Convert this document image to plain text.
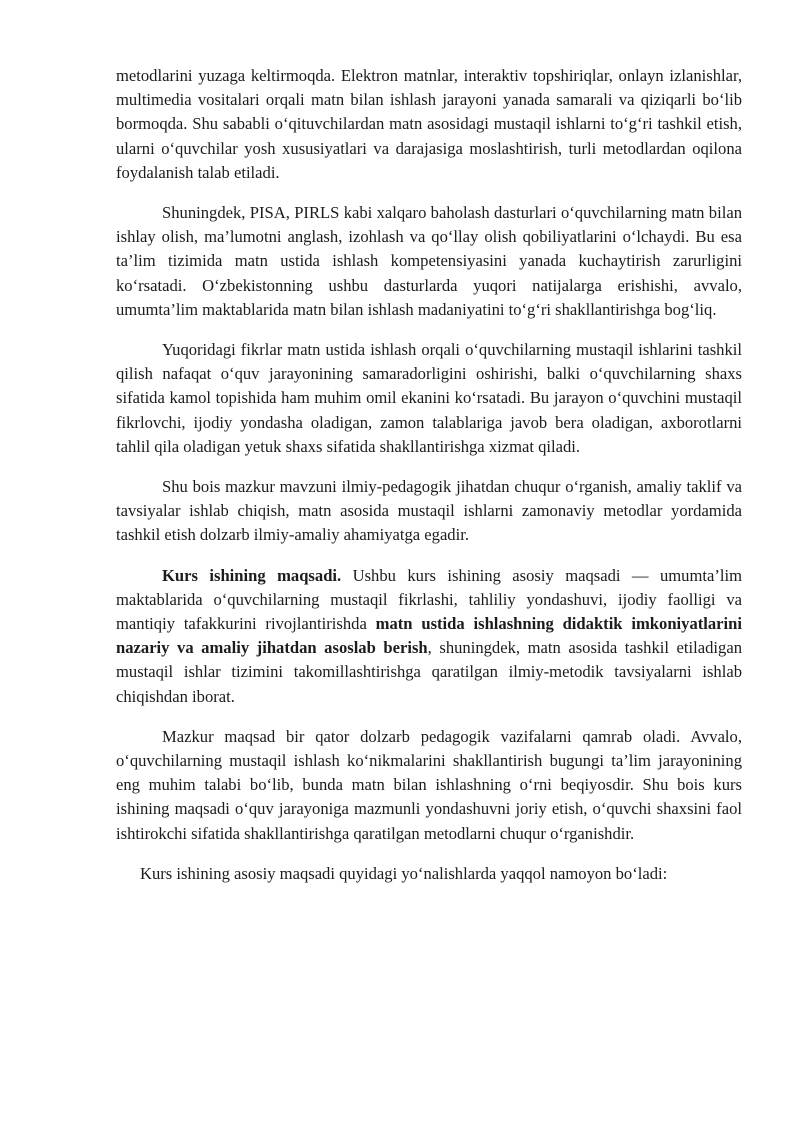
metodlarini yuzaga keltirmoqda. Elektron matnlar, interaktiv topshiriqlar, onlayn izlanishlar, multimedia vositalari orqali matn bilan ishlash jarayoni yanada samarali va qiziqarli bo‘lib bormoqda. Shu sababli o‘qituvchilardan matn asosidagi mustaqil ishlarni to‘g‘ri tashkil etish, ularni o‘quvchilar yosh xususiyatlari va darajasiga moslashtirish, turli metodlardan oqilona foydalanish talab etiladi.

Shuningdek, PISA, PIRLS kabi xalqaro baholash dasturlari o‘quvchilarning matn bilan ishlay olish, ma’lumotni anglash, izohlash va qo‘llay olish qobiliyatlarini o‘lchaydi. Bu esa ta’lim tizimida matn ustida ishlash kompetensiyasini yanada kuchaytirish zarurligini ko‘rsatadi. O‘zbekistonning ushbu dasturlarda yuqori natijalarga erishishi, avvalo, umumta’lim maktablarida matn bilan ishlash madaniyatini to‘g‘ri shakllantirishga bog‘liq.

Yuqoridagi fikrlar matn ustida ishlash orqali o‘quvchilarning mustaqil ishlarini tashkil qilish nafaqat o‘quv jarayonining samaradorligini oshirishi, balki o‘quvchilarning shaxs sifatida kamol topishida ham muhim omil ekanini ko‘rsatadi. Bu jarayon o‘quvchini mustaqil fikrlovchi, ijodiy yondasha oladigan, zamon talablariga javob bera oladigan, axborotlarni tahlil qila oladigan yetuk shaxs sifatida shakllantirishga xizmat qiladi.

Shu bois mazkur mavzuni ilmiy-pedagogik jihatdan chuqur o‘rganish, amaliy taklif va tavsiyalar ishlab chiqish, matn asosida mustaqil ishlarni zamonaviy metodlar yordamida tashkil etish dolzarb ilmiy-amaliy ahamiyatga egadir.

Kurs ishining maqsadi. Ushbu kurs ishining asosiy maqsadi — umumta’lim maktablarida o‘quvchilarning mustaqil fikrlashi, tahliliy yondashuvi, ijodiy faolligi va mantiqiy tafakkurini rivojlantirishda matn ustida ishlashning didaktik imkoniyatlarini nazariy va amaliy jihatdan asoslab berish, shuningdek, matn asosida tashkil etiladigan mustaqil ishlar tizimini takomillashtirishga qaratilgan ilmiy-metodik tavsiyalarni ishlab chiqishdan iborat.

Mazkur maqsad bir qator dolzarb pedagogik vazifalarni qamrab oladi. Avvalo, o‘quvchilarning mustaqil ishlash ko‘nikmalarini shakllantirish bugungi ta’lim jarayonining eng muhim talabi bo‘lib, bunda matn bilan ishlashning o‘rni beqiyosdir. Shu bois kurs ishining maqsadi o‘quv jarayoniga mazmunli yondashuvni joriy etish, o‘quvchi shaxsini faol ishtirokchi sifatida shakllantirishga qaratilgan metodlarni chuqur o‘rganishdir.

Kurs ishining asosiy maqsadi quyidagi yo‘nalishlarda yaqqol namoyon bo‘ladi:
